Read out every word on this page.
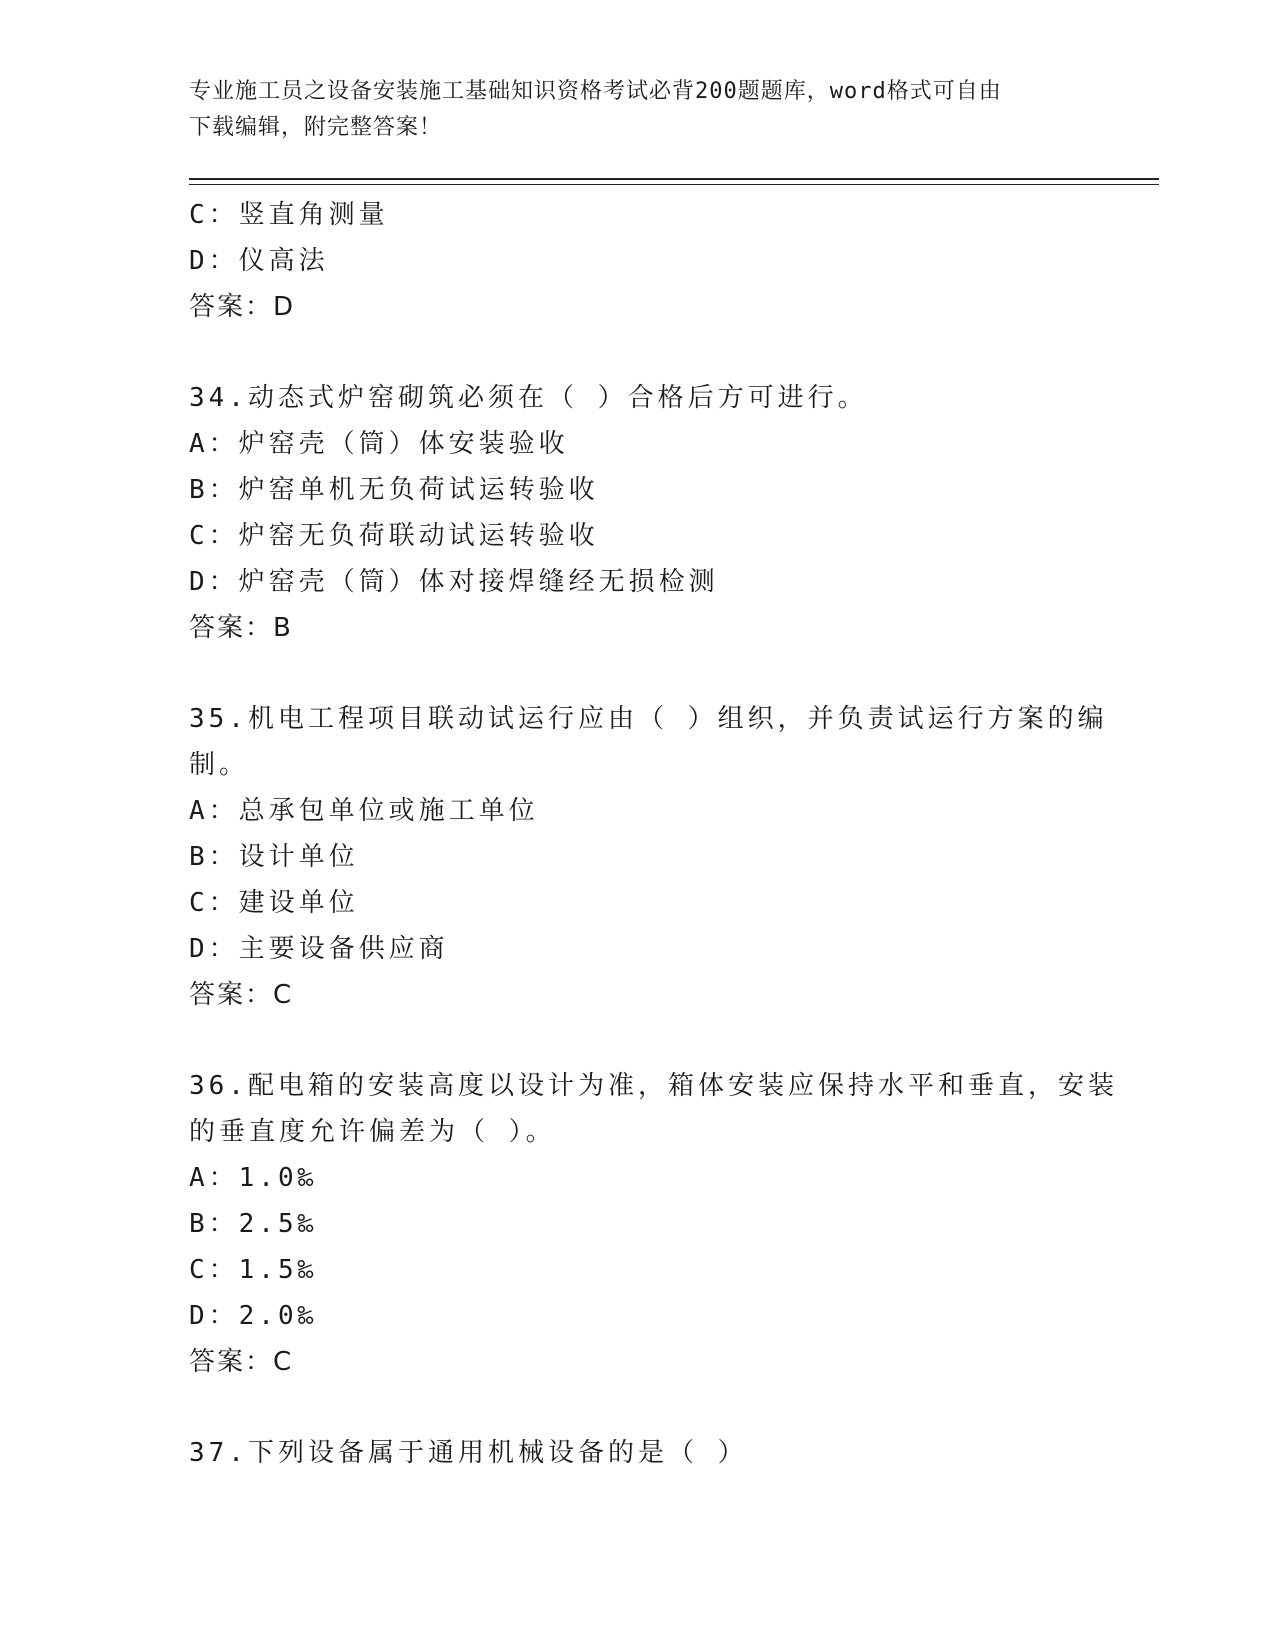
专业施工员之设备安装施工基础知识资格考试必背200题题库，word格式可自由
下载编辑，附完整答案！
C：竖直角测量
D：仪高法
答案：D
34.动态式炉窑砌筑必须在（ ）合格后方可进行。
A：炉窑壳（筒）体安装验收
B：炉窑单机无负荷试运转验收
C：炉窑无负荷联动试运转验收
D：炉窑壳（筒）体对接焊缝经无损检测
答案：B
35.机电工程项目联动试运行应由（ ）组织，并负责试运行方案的编
制。
A：总承包单位或施工单位
B：设计单位
C：建设单位
D：主要设备供应商
答案：C
36.配电箱的安装高度以设计为准，箱体安装应保持水平和垂直，安装
的垂直度允许偏差为（ ）。
A：1.0‰
B：2.5‰
C：1.5‰
D：2.0‰
答案：C
37.下列设备属于通用机械设备的是（ ）
